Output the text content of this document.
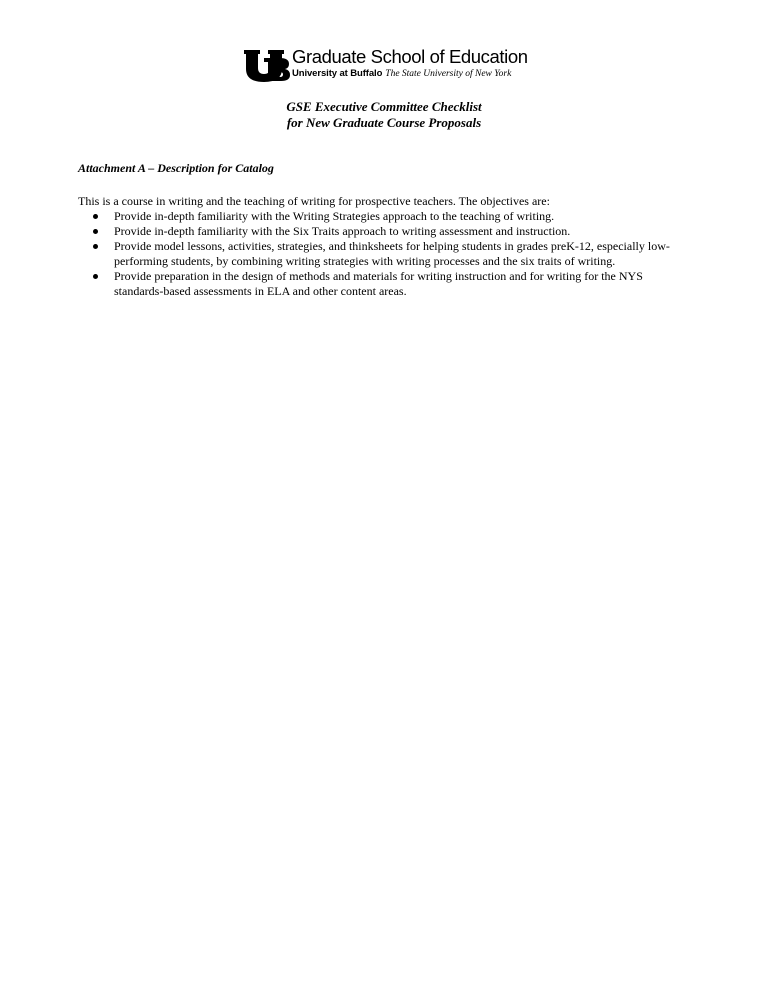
Graduate School of Education
University at Buffalo The State University of New York
GSE Executive Committee Checklist
for New Graduate Course Proposals
Attachment A – Description for Catalog
This is a course in writing and the teaching of writing for prospective teachers. The objectives are:
Provide in-depth familiarity with the Writing Strategies approach to the teaching of writing.
Provide in-depth familiarity with the Six Traits approach to writing assessment and instruction.
Provide model lessons, activities, strategies, and thinksheets for helping students in grades preK-12, especially low-performing students, by combining writing strategies with writing processes and the six traits of writing.
Provide preparation in the design of methods and materials for writing instruction and for writing for the NYS standards-based assessments in ELA and other content areas.
